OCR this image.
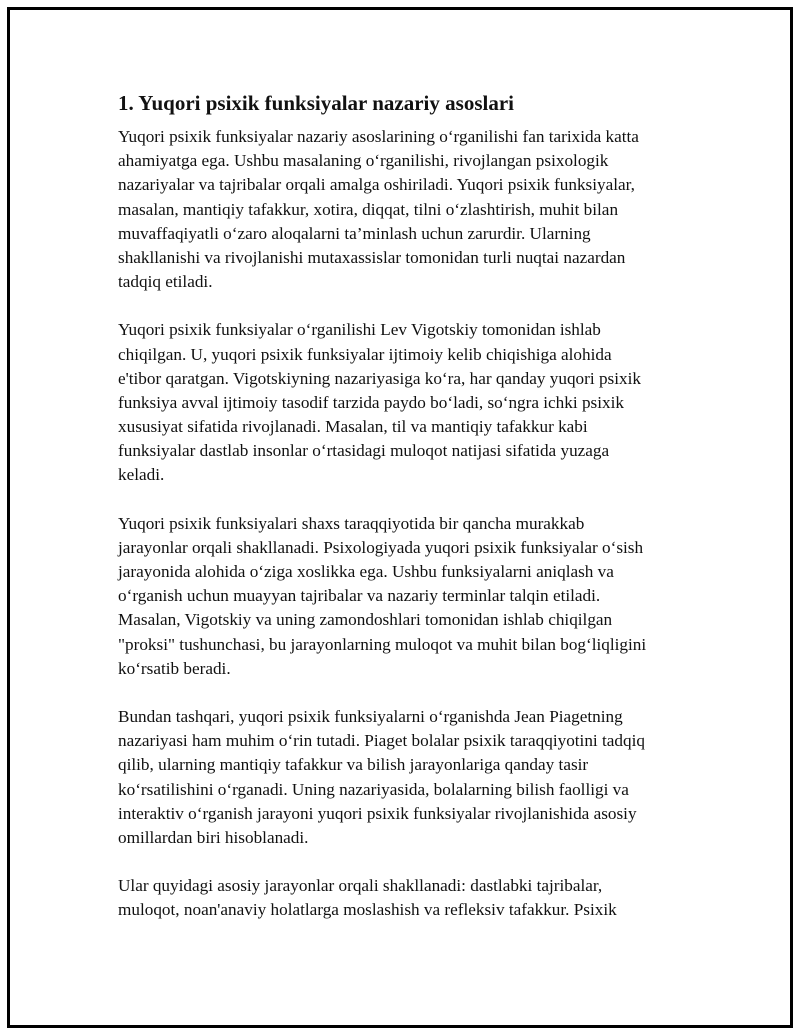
1. Yuqori psixik funksiyalar nazariy asoslari
Yuqori psixik funksiyalar nazariy asoslarining o‘rganilishi fan tarixida katta
ahamiyatga ega. Ushbu masalaning o‘rganilishi, rivojlangan psixologik
nazariyalar va tajribalar orqali amalga oshiriladi. Yuqori psixik funksiyalar,
masalan, mantiqiy tafakkur, xotira, diqqat, tilni o‘zlashtirish, muhit bilan
muvaffaqiyatli o‘zaro aloqalarni ta’minlash uchun zarurdir. Ularning
shakllanishi va rivojlanishi mutaxassislar tomonidan turli nuqtai nazardan
tadqiq etiladi.
Yuqori psixik funksiyalar o‘rganilishi Lev Vigotskiy tomonidan ishlab
chiqilgan. U, yuqori psixik funksiyalar ijtimoiy kelib chiqishiga alohida
e'tibor qaratgan. Vigotskiyning nazariyasiga ko‘ra, har qanday yuqori psixik
funksiya avval ijtimoiy tasodif tarzida paydo bo‘ladi, so‘ngra ichki psixik
xususiyat sifatida rivojlanadi. Masalan, til va mantiqiy tafakkur kabi
funksiyalar dastlab insonlar o‘rtasidagi muloqot natijasi sifatida yuzaga
keladi.
Yuqori psixik funksiyalari shaxs taraqqiyotida bir qancha murakkab
jarayonlar orqali shakllanadi. Psixologiyada yuqori psixik funksiyalar o‘sish
jarayonida alohida o‘ziga xoslikka ega. Ushbu funksiyalarni aniqlash va
o‘rganish uchun muayyan tajribalar va nazariy terminlar talqin etiladi.
Masalan, Vigotskiy va uning zamondoshlari tomonidan ishlab chiqilgan
"proksi" tushunchasi, bu jarayonlarning muloqot va muhit bilan bog‘liqligini
ko‘rsatib beradi.
Bundan tashqari, yuqori psixik funksiyalarni o‘rganishda Jean Piagetning
nazariyasi ham muhim o‘rin tutadi. Piaget bolalar psixik taraqqiyotini tadqiq
qilib, ularning mantiqiy tafakkur va bilish jarayonlariga qanday tasir
ko‘rsatilishini o‘rganadi. Uning nazariyasida, bolalarning bilish faolligi va
interaktiv o‘rganish jarayoni yuqori psixik funksiyalar rivojlanishida asosiy
omillardan biri hisoblanadi.
Ular quyidagi asosiy jarayonlar orqali shakllanadi: dastlabki tajribalar,
muloqot, noan'anaviy holatlarga moslashish va refleksiv tafakkur. Psixik
